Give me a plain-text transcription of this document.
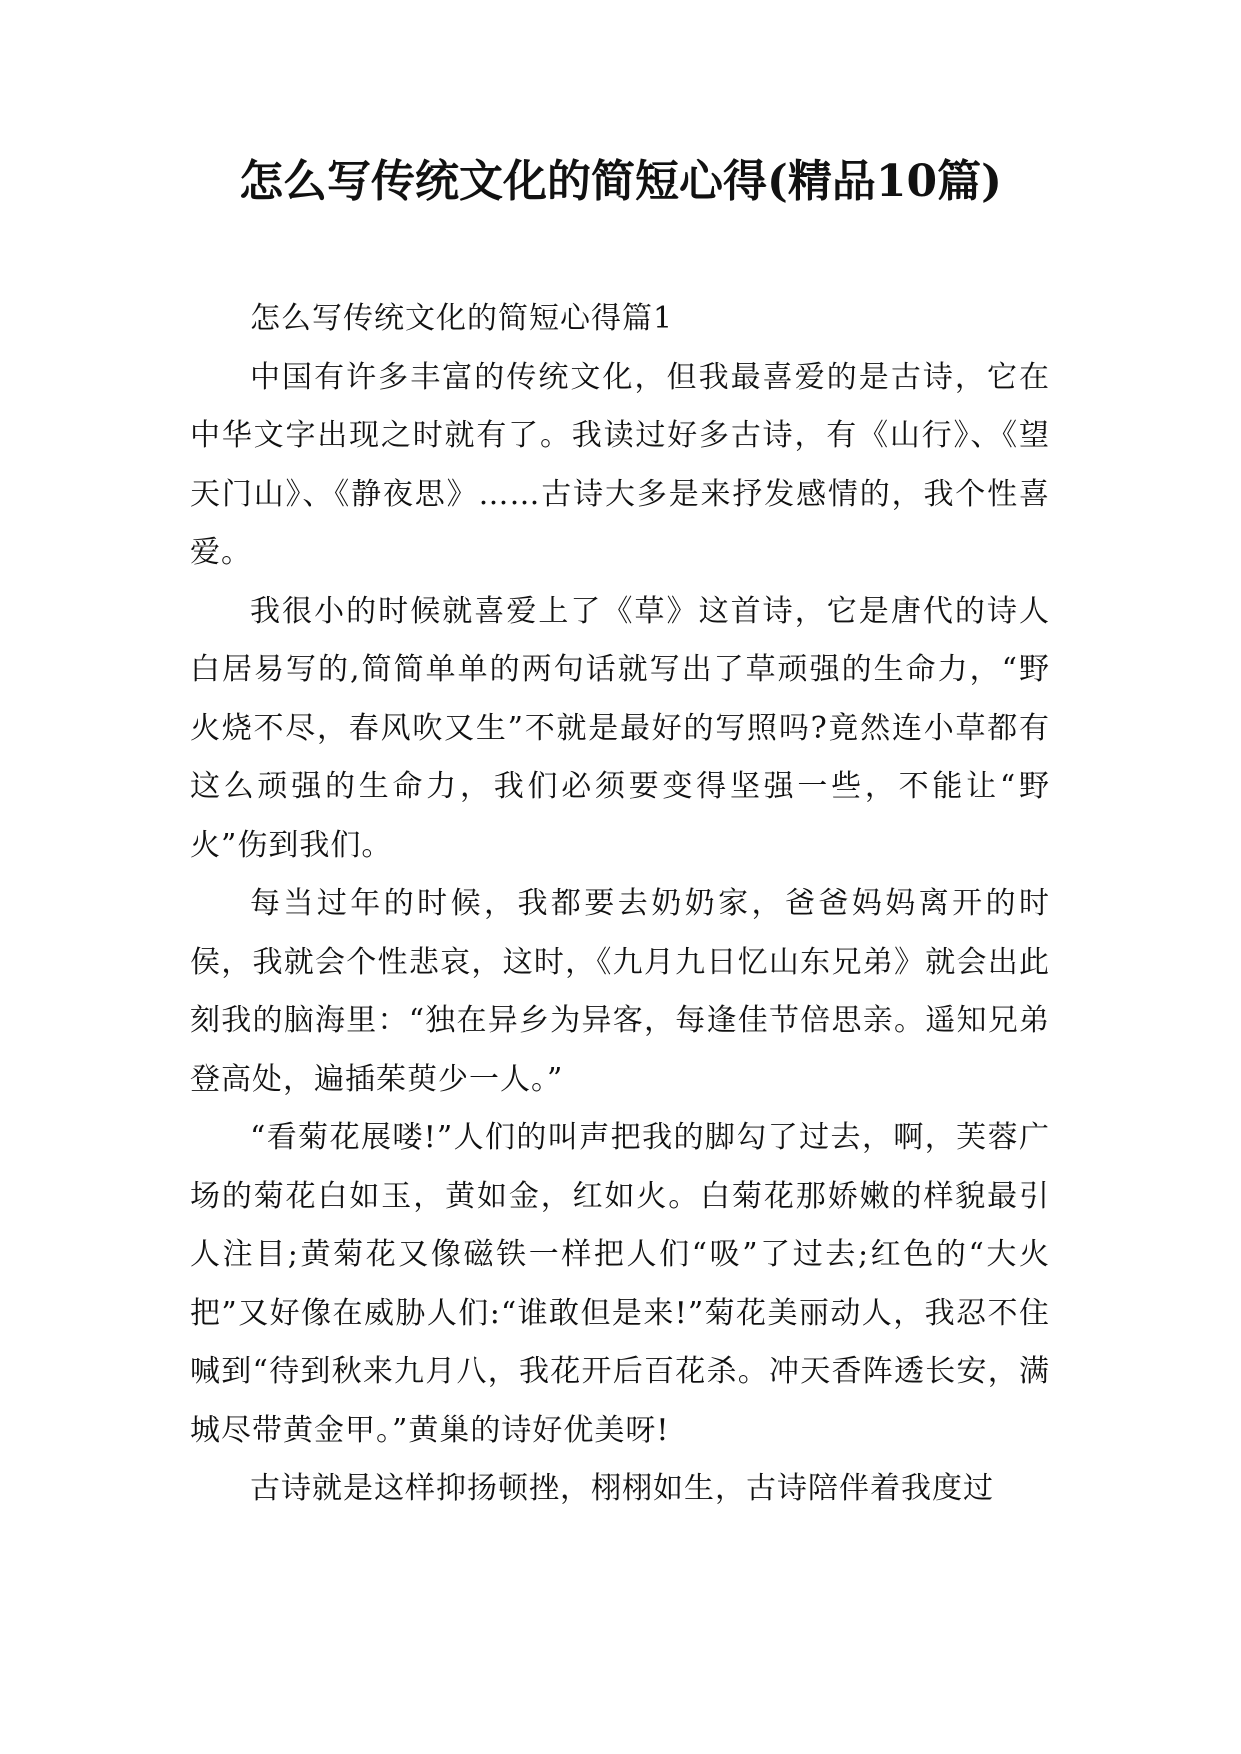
怎么写传统文化的简短心得(精品10篇)

怎么写传统文化的简短心得篇1

中国有许多丰富的传统文化，但我最喜爱的是古诗，它在中华文字出现之时就有了。我读过好多古诗，有《山行》、《望天门山》、《静夜思》……古诗大多是来抒发感情的，我个性喜爱。

我很小的时候就喜爱上了《草》这首诗，它是唐代的诗人白居易写的,简简单单的两句话就写出了草顽强的生命力，“野火烧不尽，春风吹又生”不就是最好的写照吗?竟然连小草都有这么顽强的生命力，我们必须要变得坚强一些，不能让“野火”伤到我们。

每当过年的时候，我都要去奶奶家，爸爸妈妈离开的时侯，我就会个性悲哀，这时，《九月九日忆山东兄弟》就会出此刻我的脑海里：“独在异乡为异客，每逢佳节倍思亲。遥知兄弟登高处，遍插茱萸少一人。”

“看菊花展喽!”人们的叫声把我的脚勾了过去，啊，芙蓉广场的菊花白如玉，黄如金，红如火。白菊花那娇嫩的样貌最引人注目;黄菊花又像磁铁一样把人们“吸”了过去;红色的“大火把”又好像在威胁人们:“谁敢但是来!”菊花美丽动人，我忍不住喊到“待到秋来九月八，我花开后百花杀。冲天香阵透长安，满城尽带黄金甲。”黄巢的诗好优美呀!

古诗就是这样抑扬顿挫，栩栩如生，古诗陪伴着我度过
